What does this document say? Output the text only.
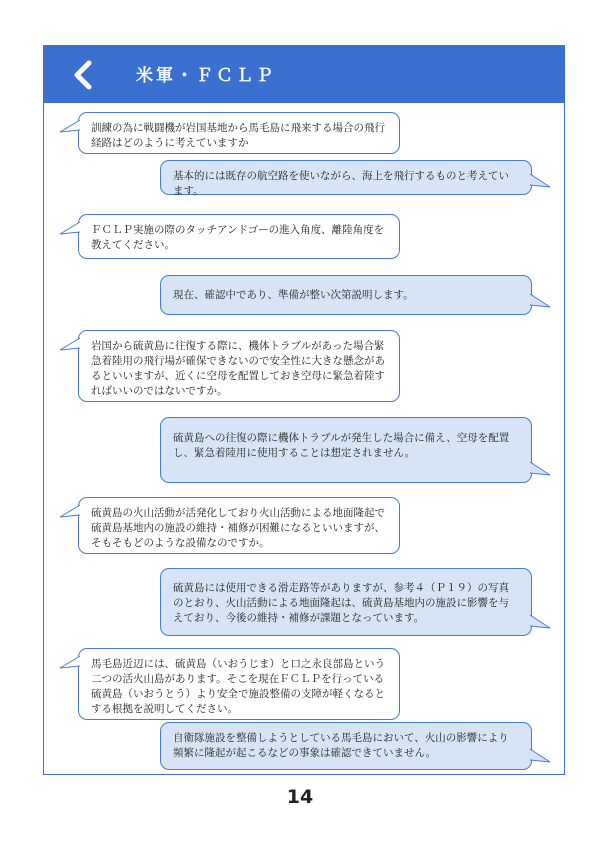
米軍・ＦＣＬＰ
訓練の為に戦闘機が岩国基地から馬毛島に飛来する場合の飛行経路はどのように考えていますか
基本的には既存の航空路を使いながら、海上を飛行するものと考えています。
ＦＣＬＰ実施の際のタッチアンドゴーの進入角度、離陸角度を教えてください。
現在、確認中であり、準備が整い次第説明します。
岩国から硫黄島に往復する際に、機体トラブルがあった場合緊急着陸用の飛行場が確保できないので安全性に大きな懸念があるといいますが、近くに空母を配置しておき空母に緊急着陸すればいいのではないですか。
硫黄島への往復の際に機体トラブルが発生した場合に備え、空母を配置し、緊急着陸用に使用することは想定されません。
硫黄島の火山活動が活発化しており火山活動による地面隆起で硫黄島基地内の施設の維持・補修が困難になるといいますが、そもそもどのような設備なのですか。
硫黄島には使用できる滑走路等がありますが、参考４（Ｐ１９）の写真のとおり、火山活動による地面隆起は、硫黄島基地内の施設に影響を与えており、今後の維持・補修が課題となっています。
馬毛島近辺には、硫黄島（いおうじま）と口之永良部島という二つの活火山島があります。そこを現在ＦＣＬＰを行っている硫黄島（いおうとう）より安全で施設整備の支障が軽くなるとする根拠を説明してください。
自衛隊施設を整備しようとしている馬毛島において、火山の影響により頻繁に隆起が起こるなどの事象は確認できていません。
14
